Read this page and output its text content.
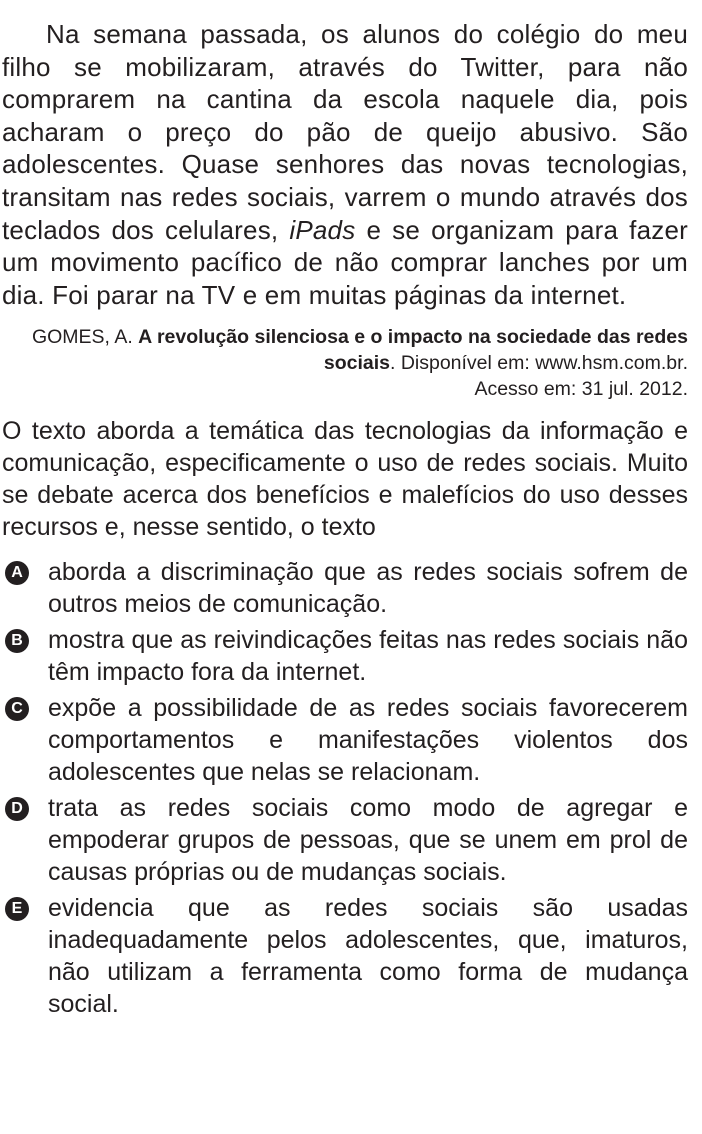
Na semana passada, os alunos do colégio do meu filho se mobilizaram, através do Twitter, para não comprarem na cantina da escola naquele dia, pois acharam o preço do pão de queijo abusivo. São adolescentes. Quase senhores das novas tecnologias, transitam nas redes sociais, varrem o mundo através dos teclados dos celulares, iPads e se organizam para fazer um movimento pacífico de não comprar lanches por um dia. Foi parar na TV e em muitas páginas da internet.

GOMES, A. A revolução silenciosa e o impacto na sociedade das redes sociais. Disponível em: www.hsm.com.br.
Acesso em: 31 jul. 2012.

O texto aborda a temática das tecnologias da informação e comunicação, especificamente o uso de redes sociais. Muito se debate acerca dos benefícios e malefícios do uso desses recursos e, nesse sentido, o texto

A aborda a discriminação que as redes sociais sofrem de outros meios de comunicação.
B mostra que as reivindicações feitas nas redes sociais não têm impacto fora da internet.
C expõe a possibilidade de as redes sociais favorecerem comportamentos e manifestações violentos dos adolescentes que nelas se relacionam.
D trata as redes sociais como modo de agregar e empoderar grupos de pessoas, que se unem em prol de causas próprias ou de mudanças sociais.
E evidencia que as redes sociais são usadas inadequadamente pelos adolescentes, que, imaturos, não utilizam a ferramenta como forma de mudança social.
